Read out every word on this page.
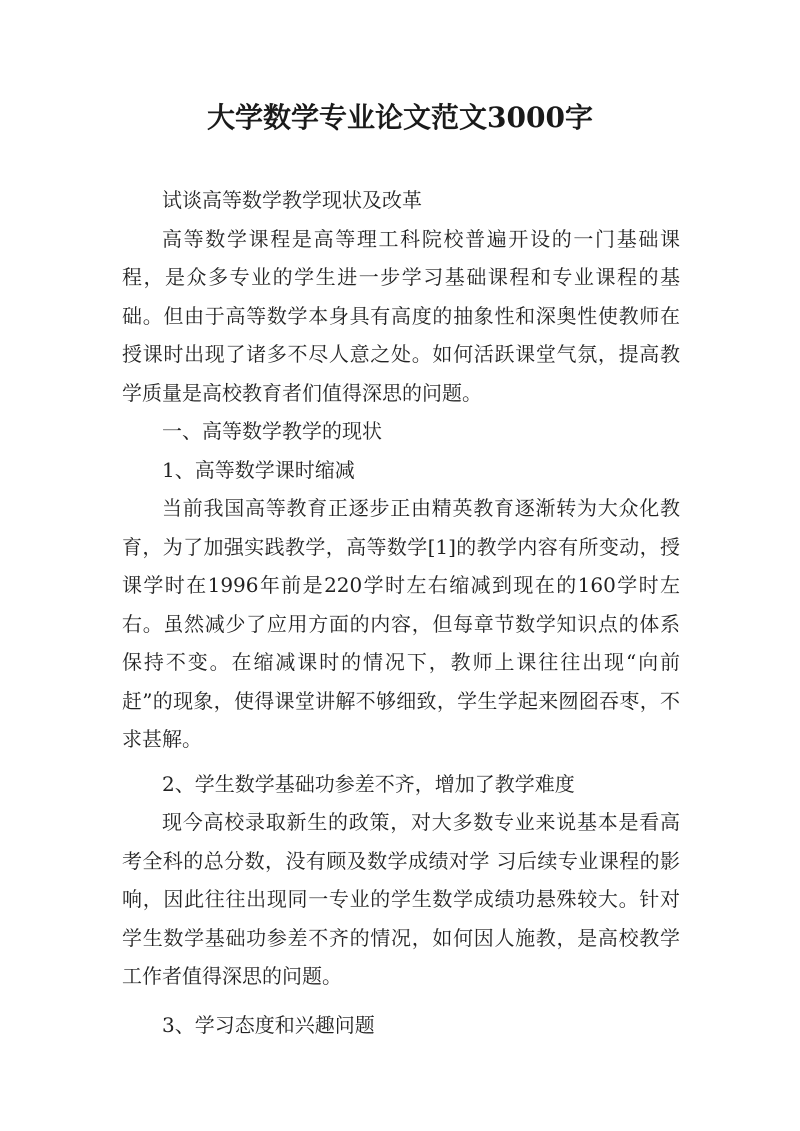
大学数学专业论文范文3000字

试谈高等数学教学现状及改革

高等数学课程是高等理工科院校普遍开设的一门基础课程，是众多专业的学生进一步学习基础课程和专业课程的基础。但由于高等数学本身具有高度的抽象性和深奥性使教师在授课时出现了诸多不尽人意之处。如何活跃课堂气氛，提高教学质量是高校教育者们值得深思的问题。

一、高等数学教学的现状

1、高等数学课时缩减

当前我国高等教育正逐步正由精英教育逐渐转为大众化教育，为了加强实践教学，高等数学[1]的教学内容有所变动，授课学时在1996年前是220学时左右缩减到现在的160学时左右。虽然减少了应用方面的内容，但每章节数学知识点的体系保持不变。在缩减课时的情况下，教师上课往往出现“向前赶”的现象，使得课堂讲解不够细致，学生学起来囫囵吞枣，不求甚解。

2、学生数学基础功参差不齐，增加了教学难度

现今高校录取新生的政策，对大多数专业来说基本是看高考全科的总分数，没有顾及数学成绩对学 习后续专业课程的影响，因此往往出现同一专业的学生数学成绩功悬殊较大。针对学生数学基础功参差不齐的情况，如何因人施教，是高校教学工作者值得深思的问题。

3、学习态度和兴趣问题
